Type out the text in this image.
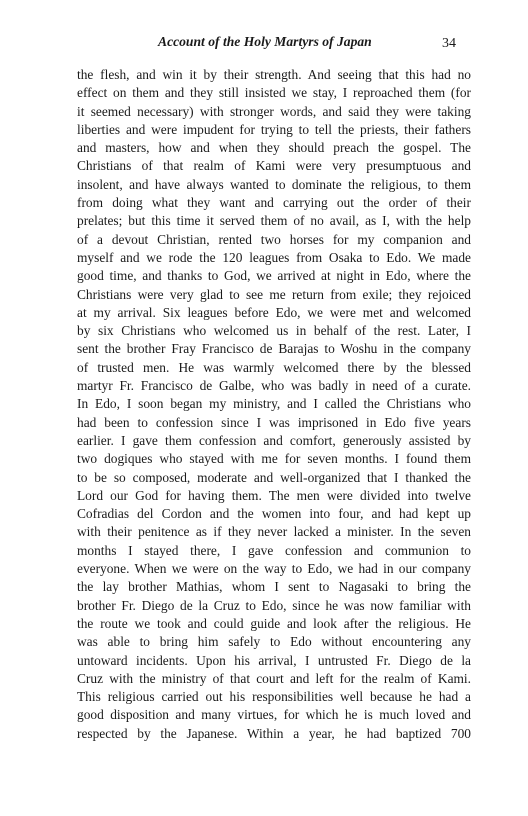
Account of the Holy Martyrs of Japan	34
the flesh, and win it by their strength. And seeing that this had no
effect on them and they still insisted we stay, I reproached them (for
it seemed necessary) with stronger words, and said they were taking
liberties and were impudent for trying to tell the priests, their fathers
and masters, how and when they should preach the gospel. The
Christians of that realm of Kami were very presumptuous and
insolent, and have always wanted to dominate the religious, to them
from doing what they want and carrying out the order of their
prelates; but this time it served them of no avail, as I, with the help
of a devout Christian, rented two horses for my companion and
myself and we rode the 120 leagues from Osaka to Edo. We made
good time, and thanks to God, we arrived at night in Edo, where the
Christians were very glad to see me return from exile; they rejoiced
at my arrival. Six leagues before Edo, we were met and welcomed
by six Christians who welcomed us in behalf of the rest. Later, I
sent the brother Fray Francisco de Barajas to Woshu in the company
of trusted men. He was warmly welcomed there by the blessed
martyr Fr. Francisco de Galbe, who was badly in need of a curate.
In Edo, I soon began my ministry, and I called the Christians who
had been to confession since I was imprisoned in Edo five years
earlier. I gave them confession and comfort, generously assisted by
two dogiques who stayed with me for seven months. I found them
to be so composed, moderate and well-organized that I thanked the
Lord our God for having them. The men were divided into twelve
Cofradias del Cordon and the women into four, and had kept up
with their penitence as if they never lacked a minister. In the seven
months I stayed there, I gave confession and communion to
everyone. When we were on the way to Edo, we had in our company
the lay brother Mathias, whom I sent to Nagasaki to bring the
brother Fr. Diego de la Cruz to Edo, since he was now familiar with
the route we took and could guide and look after the religious. He
was able to bring him safely to Edo without encountering any
untoward incidents. Upon his arrival, I untrusted Fr. Diego de la
Cruz with the ministry of that court and left for the realm of Kami.
This religious carried out his responsibilities well because he had a
good disposition and many virtues, for which he is much loved and
respected by the Japanese. Within a year, he had baptized 700
